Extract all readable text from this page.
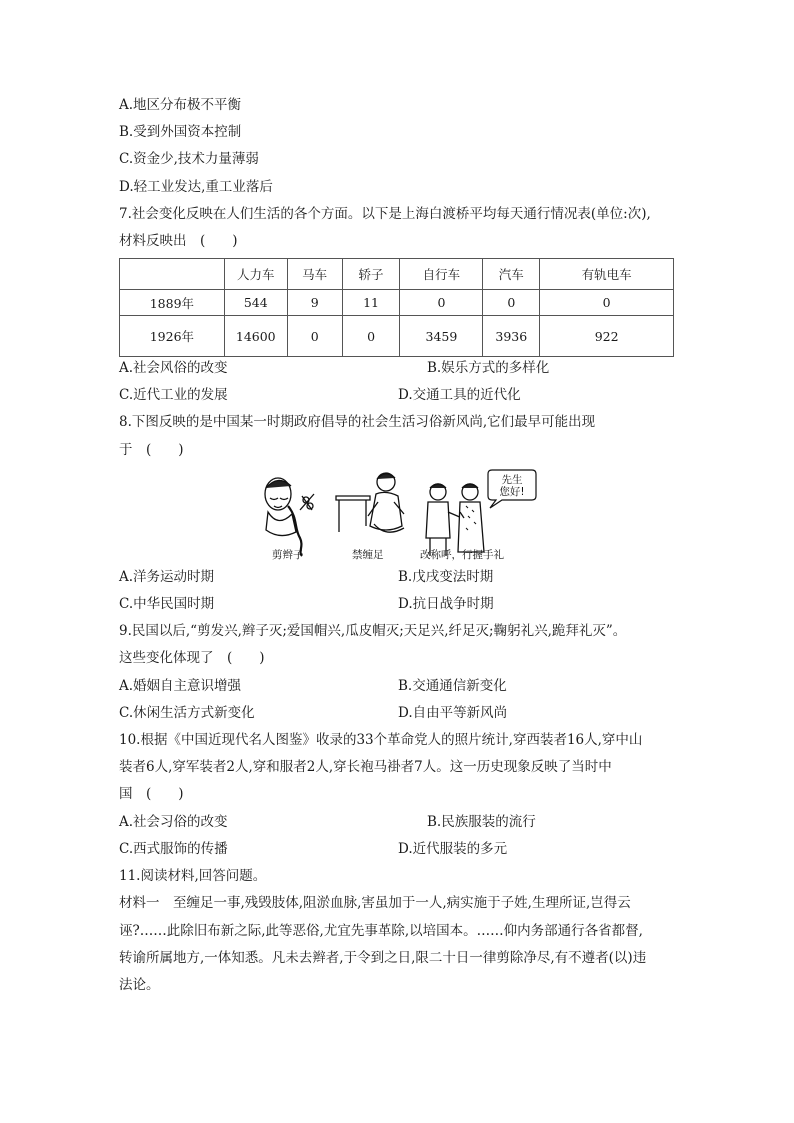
A.地区分布极不平衡
B.受到外国资本控制
C.资金少,技术力量薄弱
D.轻工业发达,重工业落后
7.社会变化反映在人们生活的各个方面。以下是上海白渡桥平均每天通行情况表(单位:次),
材料反映出　(　　)
	人力车	马车	轿子	自行车	汽车	有轨电车
1889年	544	9	11	0	0	0
1926年	14600	0	0	3459	3936	922
A.社会风俗的改变	B.娱乐方式的多样化
C.近代工业的发展	D.交通工具的近代化
8.下图反映的是中国某一时期政府倡导的社会生活习俗新风尚,它们最早可能出现
于　(　　)
先生
您好!
剪辫子	禁缠足	改称呼，行握手礼
A.洋务运动时期	B.戊戌变法时期
C.中华民国时期	D.抗日战争时期
9.民国以后,“剪发兴,辫子灭;爱国帽兴,瓜皮帽灭;天足兴,纤足灭;鞠躬礼兴,跪拜礼灭”。
这些变化体现了　(　　)
A.婚姻自主意识增强	B.交通通信新变化
C.休闲生活方式新变化	D.自由平等新风尚
10.根据《中国近现代名人图鉴》收录的33个革命党人的照片统计,穿西装者16人,穿中山
装者6人,穿军装者2人,穿和服者2人,穿长袍马褂者7人。这一历史现象反映了当时中
国　(　　)
A.社会习俗的改变	B.民族服装的流行
C.西式服饰的传播	D.近代服装的多元
11.阅读材料,回答问题。
材料一　至缠足一事,残毁肢体,阻淤血脉,害虽加于一人,病实施于子姓,生理所证,岂得云
诬?……此除旧布新之际,此等恶俗,尤宜先事革除,以培国本。……仰内务部通行各省都督,
转谕所属地方,一体知悉。凡未去辫者,于令到之日,限二十日一律剪除净尽,有不遵者(以)违
法论。
